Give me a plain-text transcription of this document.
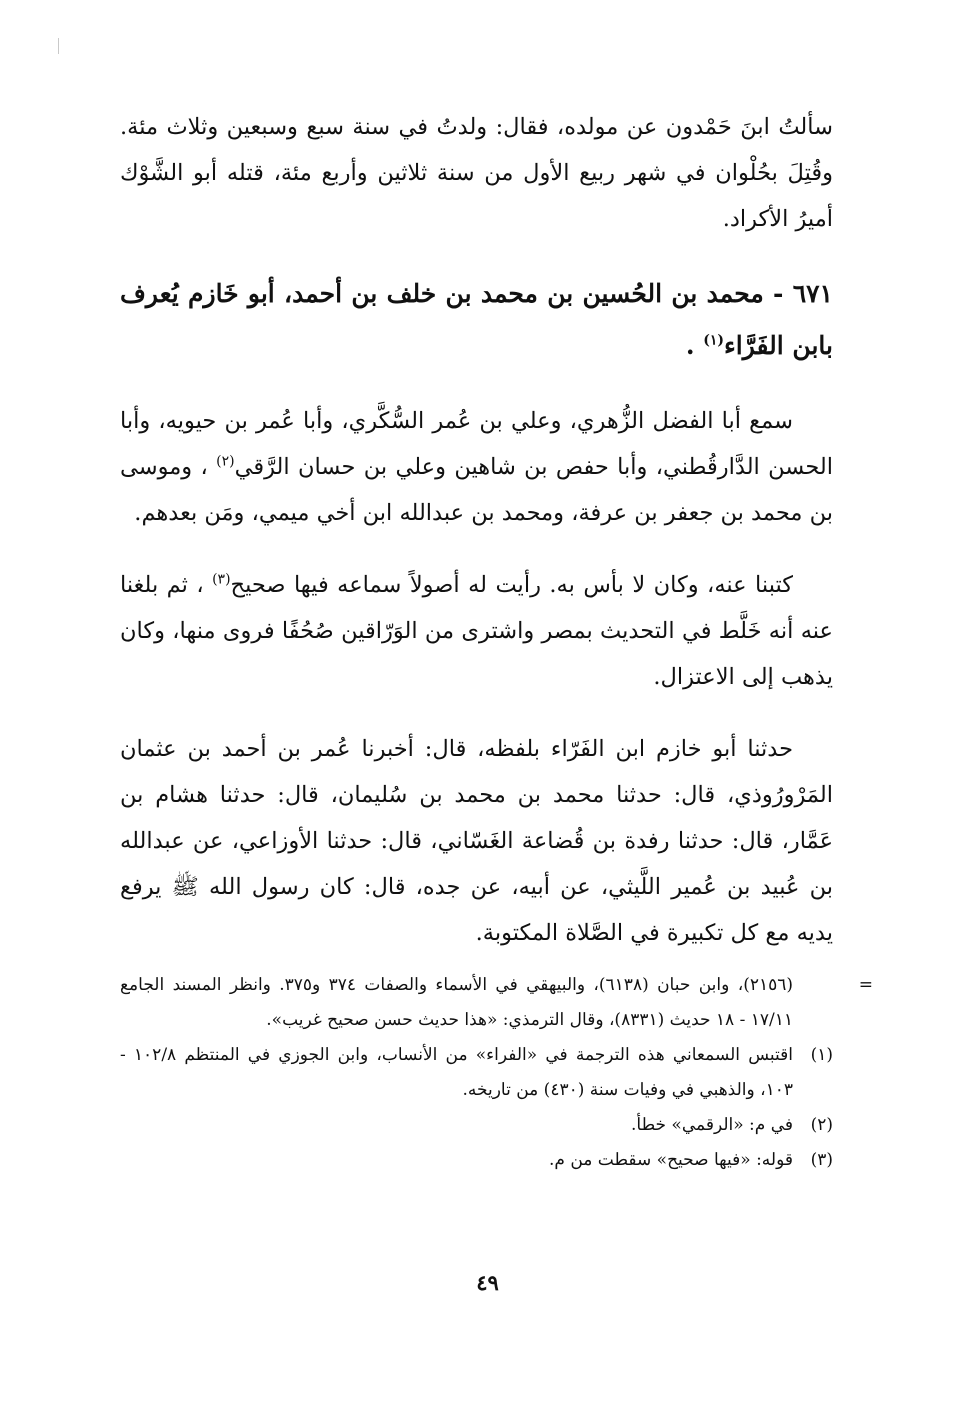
سألتُ ابنَ حَمْدون عن مولده، فقال: ولدتُ في سنة سبع وسبعين وثلاث مئة. وقُتِلَ بحُلْوان في شهر ربيع الأول من سنة ثلاثين وأربع مئة، قتله أبو الشَّوْك أميرُ الأكراد.

٦٧١ - محمد بن الحُسين بن محمد بن خلف بن أحمد، أبو خَازم يُعرف بابن الفَرَّاء$^{(١)}$ .

سمع أبا الفضل الزُّهري، وعلي بن عُمر السُّكَّري، وأبا عُمر بن حيويه، وأبا الحسن الدَّارقُطني، وأبا حفص بن شاهين وعلي بن حسان الرَّقي$^{(٢)}$ ، وموسى بن محمد بن جعفر بن عرفة، ومحمد بن عبدالله ابن أخي ميمي، ومَن بعدهم.

كتبنا عنه، وكان لا بأس به. رأيت له أصولاً سماعه فيها صحيح$^{(٣)}$ ، ثم بلغنا عنه أنه خَلَّط في التحديث بمصر واشترى من الوَرّاقين صُحُفًا فروى منها، وكان يذهب إلى الاعتزال.

حدثنا أبو خازم ابن الفَرّاء بلفظه، قال: أخبرنا عُمر بن أحمد بن عثمان المَرْورُوذي، قال: حدثنا محمد بن محمد بن سُليمان، قال: حدثنا هشام بن عَمَّار، قال: حدثنا رفدة بن قُضاعة الغَسّاني، قال: حدثنا الأوزاعي، عن عبدالله بن عُبيد بن عُمير اللَّيثي، عن أبيه، عن جده، قال: كان رسول الله ﷺ يرفع يديه مع كل تكبيرة في الصَّلاة المكتوبة.

=
(٢١٥٦)، وابن حبان (٦١٣٨)، والبيهقي في الأسماء والصفات ٣٧٤ و٣٧٥. وانظر المسند الجامع ١٧/١١ - ١٨ حديث (٨٣٣١)، وقال الترمذي: «هذا حديث حسن صحيح غريب».
(١)
اقتبس السمعاني هذه الترجمة في «الفراء» من الأنساب، وابن الجوزي في المنتظم ١٠٢/٨ - ١٠٣، والذهبي في وفيات سنة (٤٣٠) من تاريخه.
(٢)
في م: «الرقمي» خطأ.
(٣)
قوله: «فيها صحيح» سقطت من م.
٤٩
